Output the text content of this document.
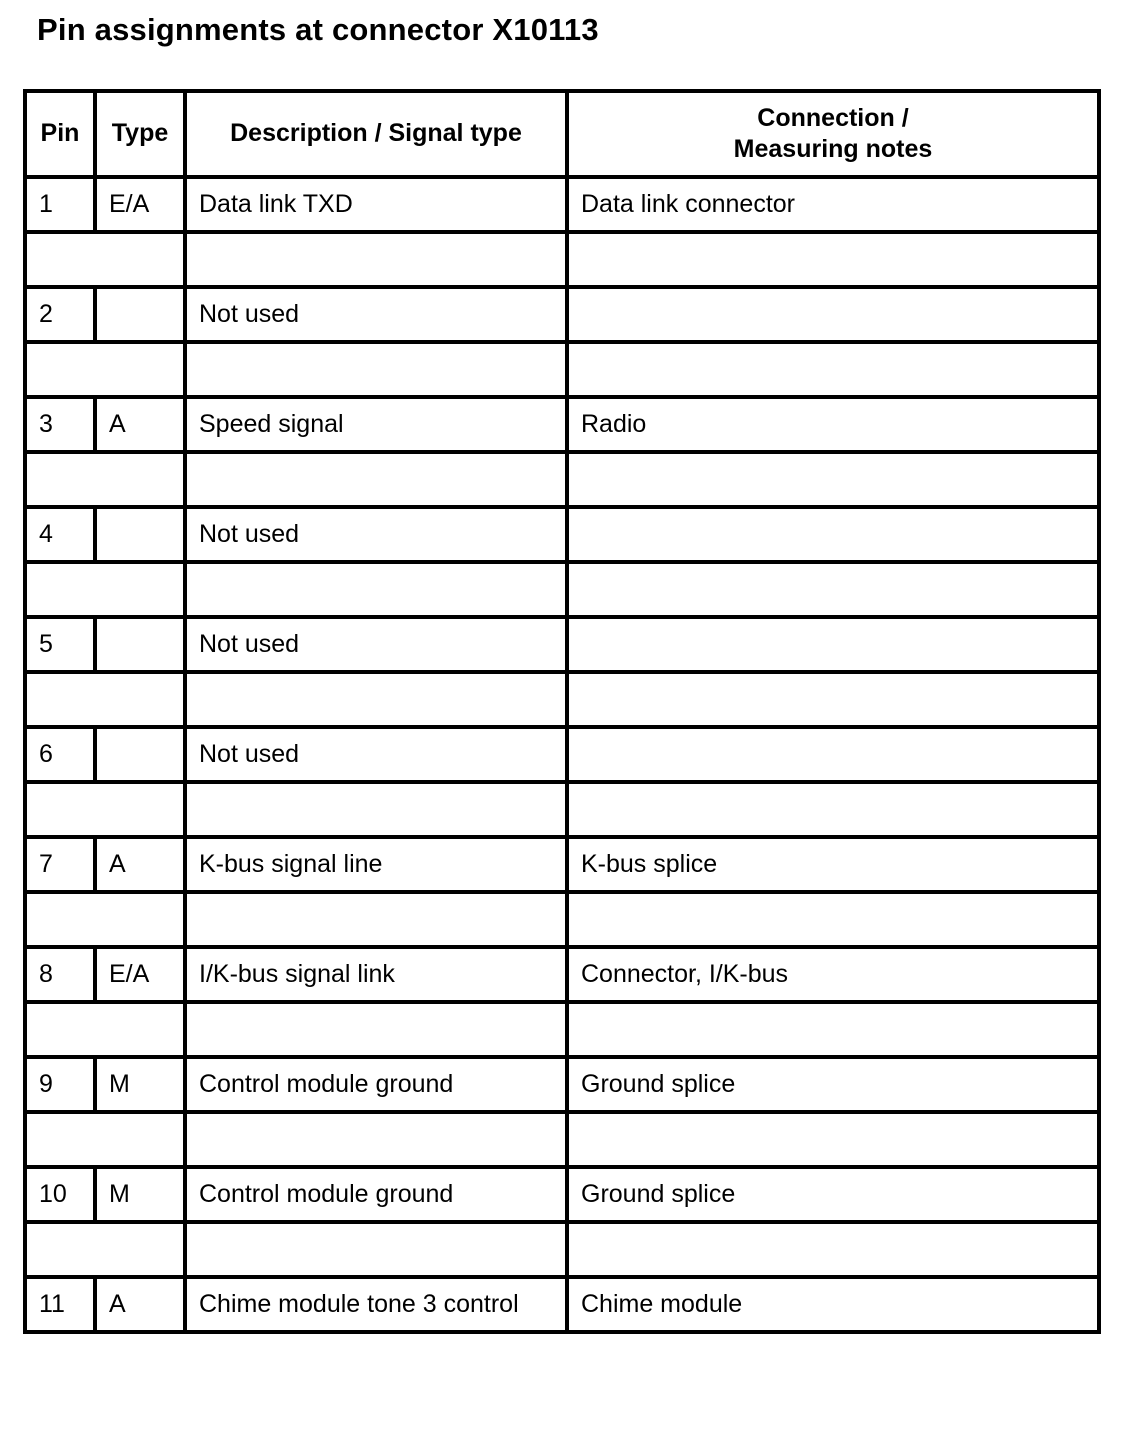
Pin assignments at connector X10113
Pin	Type	Description / Signal type	Connection /
Measuring notes

1	E/A	Data link TXD	Data link connector

2		Not used	

3	A	Speed signal	Radio

4		Not used	

5		Not used	

6		Not used	

7	A	K-bus signal line	K-bus splice

8	E/A	I/K-bus signal link	Connector, I/K-bus

9	M	Control module ground	Ground splice

10	M	Control module ground	Ground splice

11	A	Chime module tone 3 control	Chime module
